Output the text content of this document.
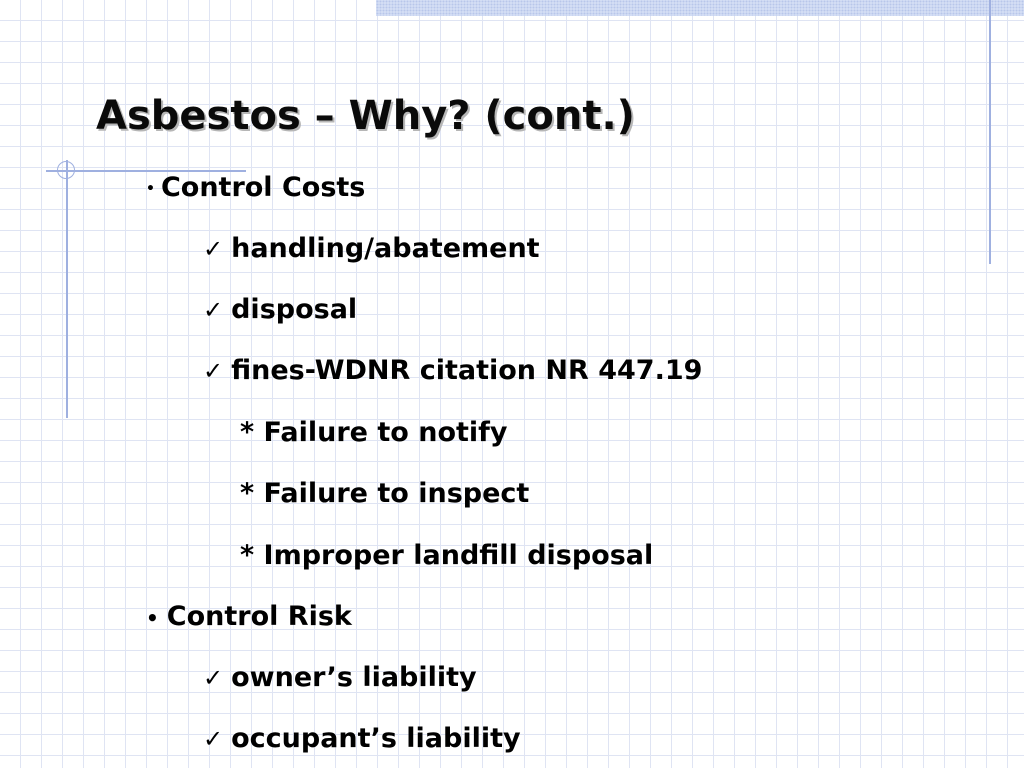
Asbestos – Why? (cont.)
• Control Costs
✓ handling/abatement
✓ disposal
✓ fines-WDNR citation NR 447.19
* Failure to notify
* Failure to inspect
* Improper landfill disposal
• Control Risk
✓ owner’s liability
✓ occupant’s liability
